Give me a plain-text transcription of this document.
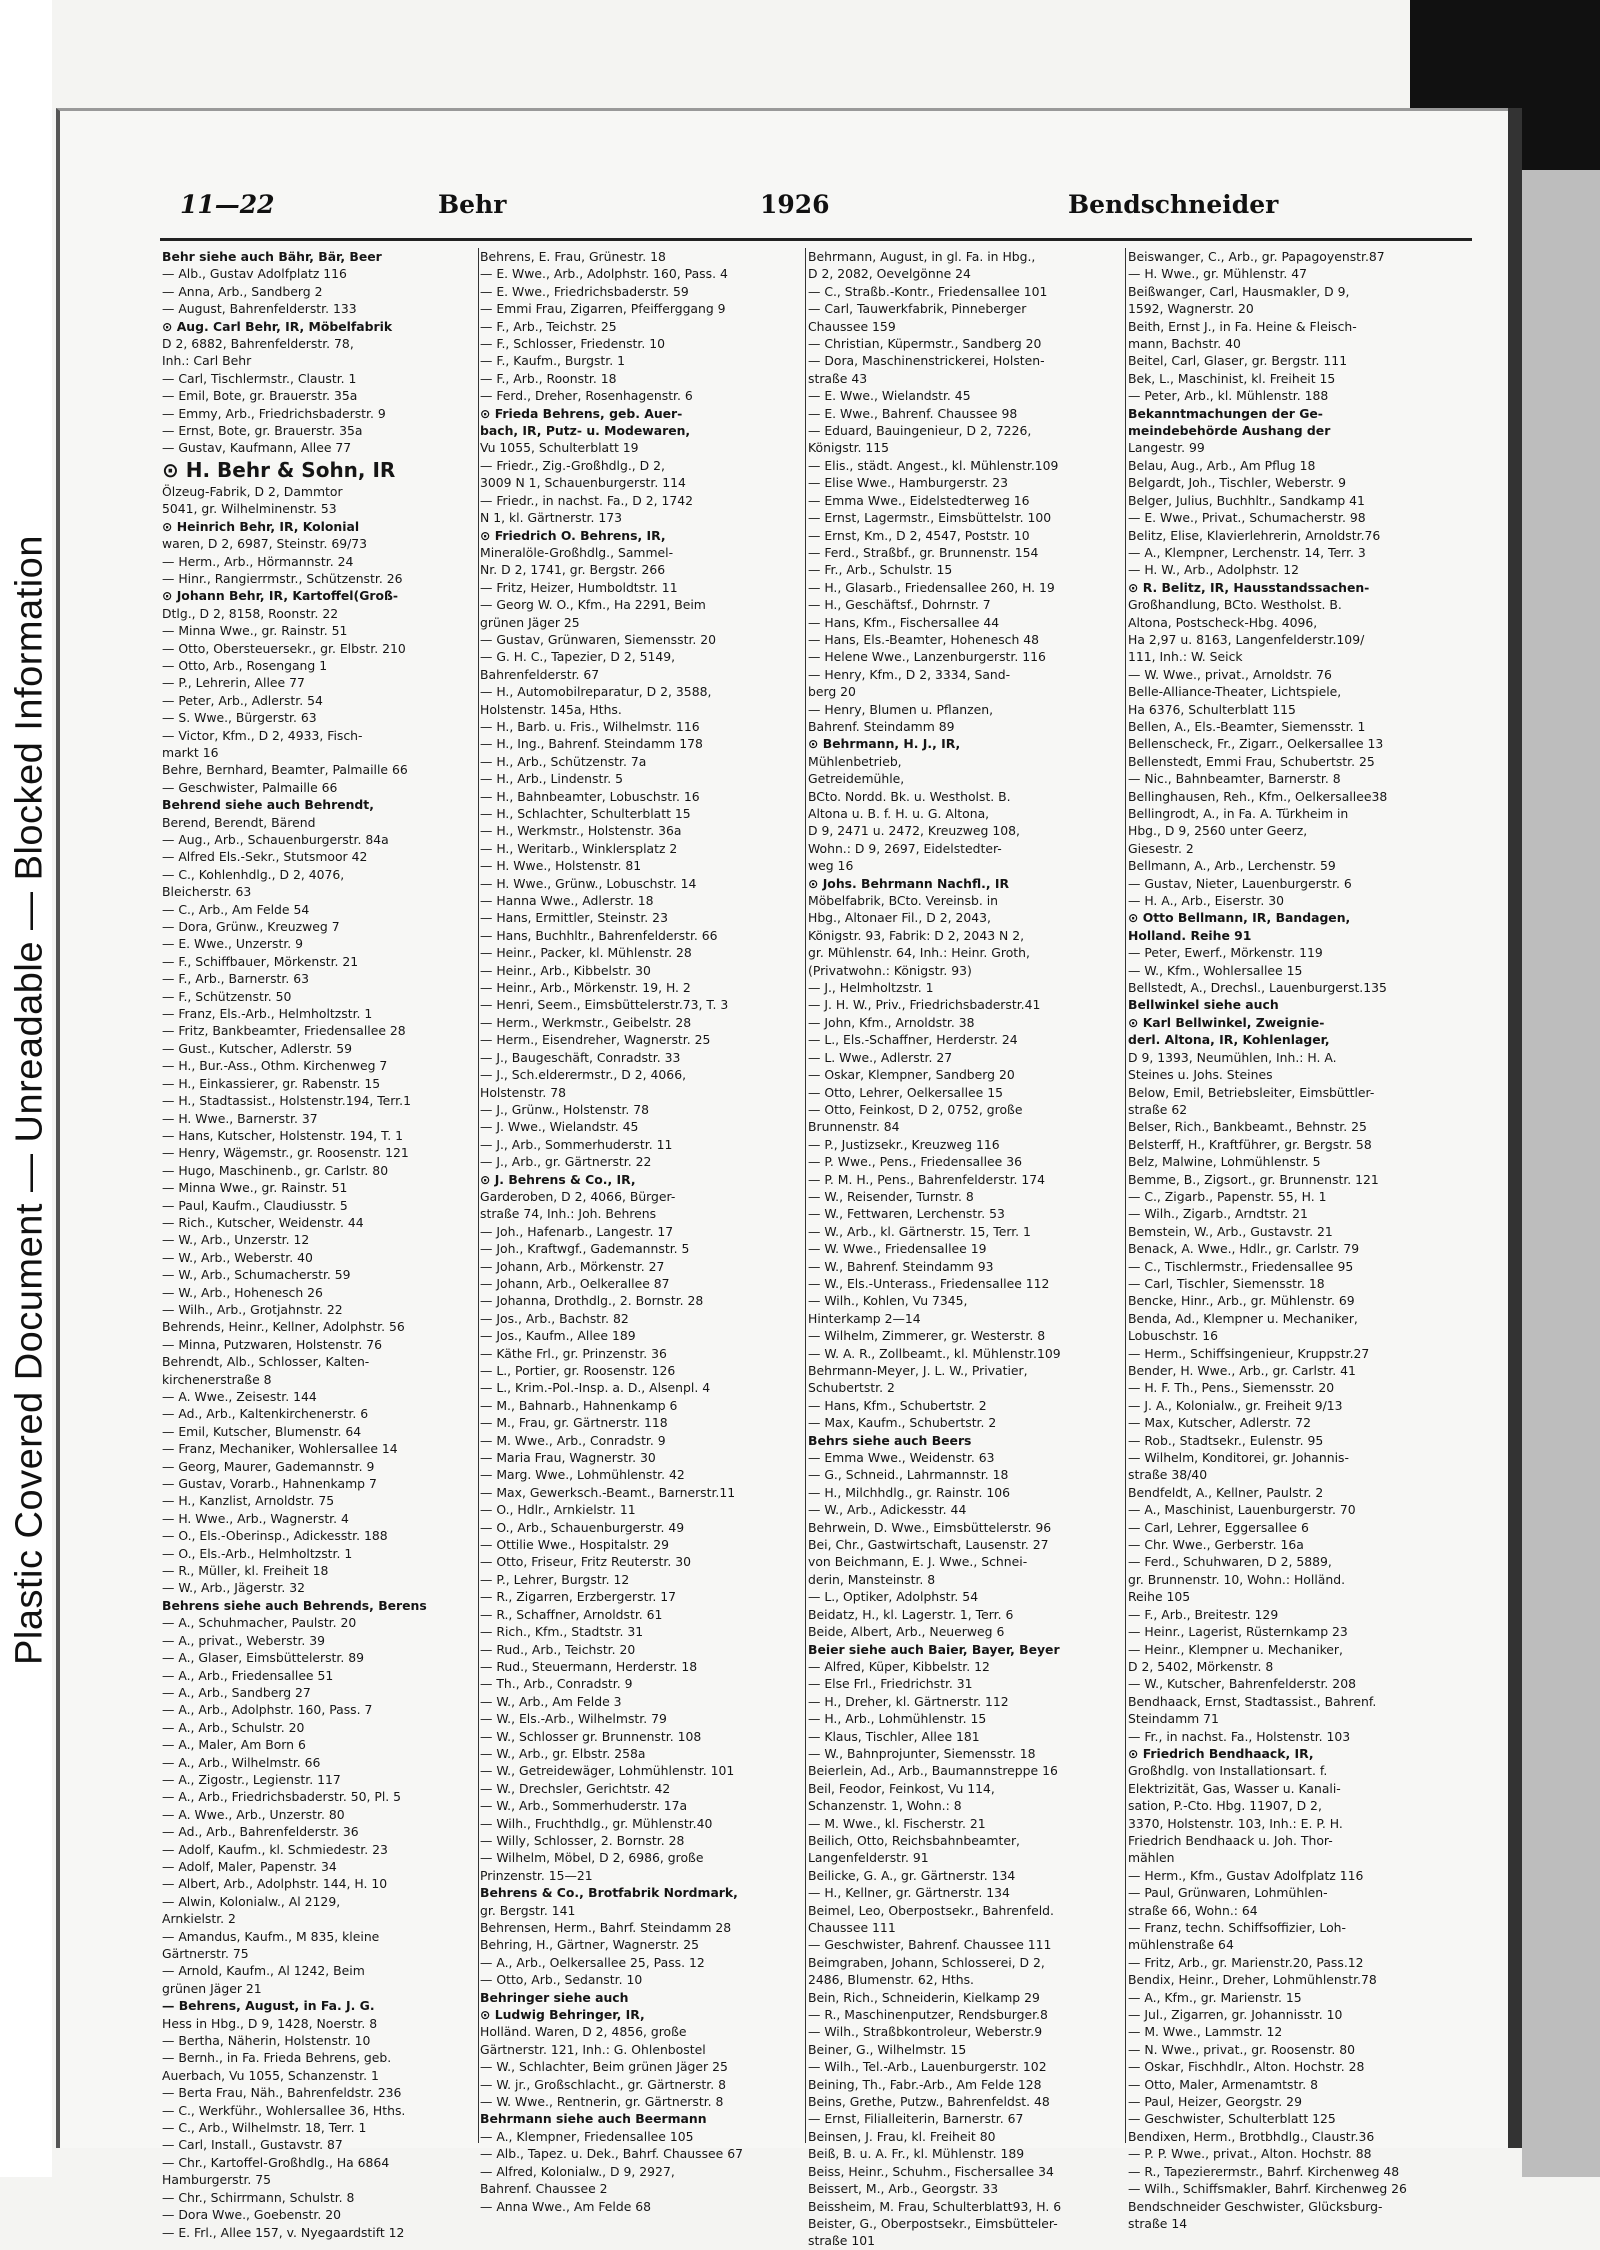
Plastic Covered Document — Unreadable — Blocked Information
11—22	Behr	1926	Bendschneider
Behr siehe auch Bähr, Bär, Beer
— Alb., Gustav Adolfplatz 116
— Anna, Arb., Sandberg 2
— August, Bahrenfelderstr. 133
⊙ Aug. Carl Behr, IR, Möbelfabrik
D 2, 6882, Bahrenfelderstr. 78,
Inh.: Carl Behr
— Carl, Tischlermstr., Claustr. 1
— Emil, Bote, gr. Brauerstr. 35a
— Emmy, Arb., Friedrichsbaderstr. 9
— Ernst, Bote, gr. Brauerstr. 35a
— Gustav, Kaufmann, Allee 77
⊙ H. Behr & Sohn, IR
Ölzeug-Fabrik, D 2, Dammtor
5041, gr. Wilhelminenstr. 53
⊙ Heinrich Behr, IR, Kolonial
waren, D 2, 6987, Steinstr. 69/73
— Herm., Arb., Hörmannstr. 24
— Hinr., Rangierrmstr., Schützenstr. 26
⊙ Johann Behr, IR, Kartoffel(Groß-
Dtlg., D 2, 8158, Roonstr. 22
— Minna Wwe., gr. Rainstr. 51
— Otto, Obersteuersekr., gr. Elbstr. 210
— Otto, Arb., Rosengang 1
— P., Lehrerin, Allee 77
— Peter, Arb., Adlerstr. 54
— S. Wwe., Bürgerstr. 63
— Victor, Kfm., D 2, 4933, Fisch-
markt 16
Behre, Bernhard, Beamter, Palmaille 66
— Geschwister, Palmaille 66
Behrend siehe auch Behrendt,
Berend, Berendt, Bärend
— Aug., Arb., Schauenburgerstr. 84a
— Alfred Els.-Sekr., Stutsmoor 42
— C., Kohlenhdlg., D 2, 4076,
Bleicherstr. 63
— C., Arb., Am Felde 54
— Dora, Grünw., Kreuzweg 7
— E. Wwe., Unzerstr. 9
— F., Schiffbauer, Mörkenstr. 21
— F., Arb., Barnerstr. 63
— F., Schützenstr. 50
— Franz, Els.-Arb., Helmholtzstr. 1
— Fritz, Bankbeamter, Friedensallee 28
— Gust., Kutscher, Adlerstr. 59
— H., Bur.-Ass., Othm. Kirchenweg 7
— H., Einkassierer, gr. Rabenstr. 15
— H., Stadtassist., Holstenstr.194, Terr.1
— H. Wwe., Barnerstr. 37
— Hans, Kutscher, Holstenstr. 194, T. 1
— Henry, Wägemstr., gr. Roosenstr. 121
— Hugo, Maschinenb., gr. Carlstr. 80
— Minna Wwe., gr. Rainstr. 51
— Paul, Kaufm., Claudiusstr. 5
— Rich., Kutscher, Weidenstr. 44
— W., Arb., Unzerstr. 12
— W., Arb., Weberstr. 40
— W., Arb., Schumacherstr. 59
— W., Arb., Hohenesch 26
— Wilh., Arb., Grotjahnstr. 22
Behrends, Heinr., Kellner, Adolphstr. 56
— Minna, Putzwaren, Holstenstr. 76
Behrendt, Alb., Schlosser, Kalten-
kirchenerstraße 8
— A. Wwe., Zeisestr. 144
— Ad., Arb., Kaltenkirchenerstr. 6
— Emil, Kutscher, Blumenstr. 64
— Franz, Mechaniker, Wohlersallee 14
— Georg, Maurer, Gademannstr. 9
— Gustav, Vorarb., Hahnenkamp 7
— H., Kanzlist, Arnoldstr. 75
— H. Wwe., Arb., Wagnerstr. 4
— O., Els.-Oberinsp., Adickesstr. 188
— O., Els.-Arb., Helmholtzstr. 1
— R., Müller, kl. Freiheit 18
— W., Arb., Jägerstr. 32
Behrens siehe auch Behrends, Berens
— A., Schuhmacher, Paulstr. 20
— A., privat., Weberstr. 39
— A., Glaser, Eimsbüttelerstr. 89
— A., Arb., Friedensallee 51
— A., Arb., Sandberg 27
— A., Arb., Adolphstr. 160, Pass. 7
— A., Arb., Schulstr. 20
— A., Maler, Am Born 6
— A., Arb., Wilhelmstr. 66
— A., Zigostr., Legienstr. 117
— A., Arb., Friedrichsbaderstr. 50, Pl. 5
— A. Wwe., Arb., Unzerstr. 80
— Ad., Arb., Bahrenfelderstr. 36
— Adolf, Kaufm., kl. Schmiedestr. 23
— Adolf, Maler, Papenstr. 34
— Albert, Arb., Adolphstr. 144, H. 10
— Alwin, Kolonialw., Al 2129,
Arnkielstr. 2
— Amandus, Kaufm., M 835, kleine
Gärtnerstr. 75
— Arnold, Kaufm., Al 1242, Beim
grünen Jäger 21
— Behrens, August, in Fa. J. G.
Hess in Hbg., D 9, 1428, Noerstr. 8
— Bertha, Näherin, Holstenstr. 10
— Bernh., in Fa. Frieda Behrens, geb.
Auerbach, Vu 1055, Schanzenstr. 1
— Berta Frau, Näh., Bahrenfeldstr. 236
— C., Werkführ., Wohlersallee 36, Hths.
— C., Arb., Wilhelmstr. 18, Terr. 1
— Carl, Install., Gustavstr. 87
— Chr., Kartoffel-Großhdlg., Ha 6864
Hamburgerstr. 75
— Chr., Schirrmann, Schulstr. 8
— Dora Wwe., Goebenstr. 20
— E. Frl., Allee 157, v. Nyegaardstift 12
Behrens, E. Frau, Grünestr. 18
— E. Wwe., Arb., Adolphstr. 160, Pass. 4
— E. Wwe., Friedrichsbaderstr. 59
— Emmi Frau, Zigarren, Pfeifferggang 9
— F., Arb., Teichstr. 25
— F., Schlosser, Friedenstr. 10
— F., Kaufm., Burgstr. 1
— F., Arb., Roonstr. 18
— Ferd., Dreher, Rosenhagenstr. 6
⊙ Frieda Behrens, geb. Auer-
bach, IR, Putz- u. Modewaren,
Vu 1055, Schulterblatt 19
— Friedr., Zig.-Großhdlg., D 2,
3009 N 1, Schauenburgerstr. 114
— Friedr., in nachst. Fa., D 2, 1742
N 1, kl. Gärtnerstr. 173
⊙ Friedrich O. Behrens, IR,
Mineralöle-Großhdlg., Sammel-
Nr. D 2, 1741, gr. Bergstr. 266
— Fritz, Heizer, Humboldtstr. 11
— Georg W. O., Kfm., Ha 2291, Beim
grünen Jäger 25
— Gustav, Grünwaren, Siemensstr. 20
— G. H. C., Tapezier, D 2, 5149,
Bahrenfelderstr. 67
— H., Automobilreparatur, D 2, 3588,
Holstenstr. 145a, Hths.
— H., Barb. u. Fris., Wilhelmstr. 116
— H., Ing., Bahrenf. Steindamm 178
— H., Arb., Schützenstr. 7a
— H., Arb., Lindenstr. 5
— H., Bahnbeamter, Lobuschstr. 16
— H., Schlachter, Schulterblatt 15
— H., Werkmstr., Holstenstr. 36a
— H., Weritarb., Winklersplatz 2
— H. Wwe., Holstenstr. 81
— H. Wwe., Grünw., Lobuschstr. 14
— Hanna Wwe., Adlerstr. 18
— Hans, Ermittler, Steinstr. 23
— Hans, Buchhltr., Bahrenfelderstr. 66
— Heinr., Packer, kl. Mühlenstr. 28
— Heinr., Arb., Kibbelstr. 30
— Heinr., Arb., Mörkenstr. 19, H. 2
— Henri, Seem., Eimsbüttelerstr.73, T. 3
— Herm., Werkmstr., Geibelstr. 28
— Herm., Eisendreher, Wagnerstr. 25
— J., Baugeschäft, Conradstr. 33
— J., Sch.elderermstr., D 2, 4066,
Holstenstr. 78
— J., Grünw., Holstenstr. 78
— J. Wwe., Wielandstr. 45
— J., Arb., Sommerhuderstr. 11
— J., Arb., gr. Gärtnerstr. 22
⊙ J. Behrens & Co., IR,
Garderoben, D 2, 4066, Bürger-
straße 74, Inh.: Joh. Behrens
— Joh., Hafenarb., Langestr. 17
— Joh., Kraftwgf., Gademannstr. 5
— Johann, Arb., Mörkenstr. 27
— Johann, Arb., Oelkerallee 87
— Johanna, Drothdlg., 2. Bornstr. 28
— Jos., Arb., Bachstr. 82
— Jos., Kaufm., Allee 189
— Käthe Frl., gr. Prinzenstr. 36
— L., Portier, gr. Roosenstr. 126
— L., Krim.-Pol.-Insp. a. D., Alsenpl. 4
— M., Bahnarb., Hahnenkamp 6
— M., Frau, gr. Gärtnerstr. 118
— M. Wwe., Arb., Conradstr. 9
— Maria Frau, Wagnerstr. 30
— Marg. Wwe., Lohmühlenstr. 42
— Max, Gewerksch.-Beamt., Barnerstr.11
— O., Hdlr., Arnkielstr. 11
— O., Arb., Schauenburgerstr. 49
— Ottilie Wwe., Hospitalstr. 29
— Otto, Friseur, Fritz Reuterstr. 30
— P., Lehrer, Burgstr. 12
— R., Zigarren, Erzbergerstr. 17
— R., Schaffner, Arnoldstr. 61
— Rich., Kfm., Stadtstr. 31
— Rud., Arb., Teichstr. 20
— Rud., Steuermann, Herderstr. 18
— Th., Arb., Conradstr. 9
— W., Arb., Am Felde 3
— W., Els.-Arb., Wilhelmstr. 79
— W., Schlosser gr. Brunnenstr. 108
— W., Arb., gr. Elbstr. 258a
— W., Getreidewäger, Lohmühlenstr. 101
— W., Drechsler, Gerichtstr. 42
— W., Arb., Sommerhuderstr. 17a
— Wilh., Fruchthdlg., gr. Mühlenstr.40
— Willy, Schlosser, 2. Bornstr. 28
— Wilhelm, Möbel, D 2, 6986, große
Prinzenstr. 15—21
Behrens & Co., Brotfabrik Nordmark,
gr. Bergstr. 141
Behrensen, Herm., Bahrf. Steindamm 28
Behring, H., Gärtner, Wagnerstr. 25
— A., Arb., Oelkersallee 25, Pass. 12
— Otto, Arb., Sedanstr. 10
Behringer siehe auch
⊙ Ludwig Behringer, IR,
Holländ. Waren, D 2, 4856, große
Gärtnerstr. 121, Inh.: G. Ohlenbostel
— W., Schlachter, Beim grünen Jäger 25
— W. jr., Großschlacht., gr. Gärtnerstr. 8
— W. Wwe., Rentnerin, gr. Gärtnerstr. 8
Behrmann siehe auch Beermann
— A., Klempner, Friedensallee 105
— Alb., Tapez. u. Dek., Bahrf. Chaussee 67
— Alfred, Kolonialw., D 9, 2927,
Bahrenf. Chaussee 2
— Anna Wwe., Am Felde 68
Behrmann, August, in gl. Fa. in Hbg.,
D 2, 2082, Oevelgönne 24
— C., Straßb.-Kontr., Friedensallee 101
— Carl, Tauwerkfabrik, Pinneberger
Chaussee 159
— Christian, Küpermstr., Sandberg 20
— Dora, Maschinenstrickerei, Holsten-
straße 43
— E. Wwe., Wielandstr. 45
— E. Wwe., Bahrenf. Chaussee 98
— Eduard, Bauingenieur, D 2, 7226,
Königstr. 115
— Elis., städt. Angest., kl. Mühlenstr.109
— Elise Wwe., Hamburgerstr. 23
— Emma Wwe., Eidelstedterweg 16
— Ernst, Lagermstr., Eimsbüttelstr. 100
— Ernst, Km., D 2, 4547, Poststr. 10
— Ferd., Straßbf., gr. Brunnenstr. 154
— Fr., Arb., Schulstr. 15
— H., Glasarb., Friedensallee 260, H. 19
— H., Geschäftsf., Dohrnstr. 7
— Hans, Kfm., Fischersallee 44
— Hans, Els.-Beamter, Hohenesch 48
— Helene Wwe., Lanzenburgerstr. 116
— Henry, Kfm., D 2, 3334, Sand-
berg 20
— Henry, Blumen u. Pflanzen,
Bahrenf. Steindamm 89
⊙ Behrmann, H. J., IR,
Mühlenbetrieb,
Getreidemühle,
BCto. Nordd. Bk. u. Westholst. B.
Altona u. B. f. H. u. G. Altona,
D 9, 2471 u. 2472, Kreuzweg 108,
Wohn.: D 9, 2697, Eidelstedter-
weg 16
⊙ Johs. Behrmann Nachfl., IR
Möbelfabrik, BCto. Vereinsb. in
Hbg., Altonaer Fil., D 2, 2043,
Königstr. 93, Fabrik: D 2, 2043 N 2,
gr. Mühlenstr. 64, Inh.: Heinr. Groth,
(Privatwohn.: Königstr. 93)
— J., Helmholtzstr. 1
— J. H. W., Priv., Friedrichsbaderstr.41
— John, Kfm., Arnoldstr. 38
— L., Els.-Schaffner, Herderstr. 24
— L. Wwe., Adlerstr. 27
— Oskar, Klempner, Sandberg 20
— Otto, Lehrer, Oelkersallee 15
— Otto, Feinkost, D 2, 0752, große
Brunnenstr. 84
— P., Justizsekr., Kreuzweg 116
— P. Wwe., Pens., Friedensallee 36
— P. M. H., Pens., Bahrenfelderstr. 174
— W., Reisender, Turnstr. 8
— W., Fettwaren, Lerchenstr. 53
— W., Arb., kl. Gärtnerstr. 15, Terr. 1
— W. Wwe., Friedensallee 19
— W., Bahrenf. Steindamm 93
— W., Els.-Unterass., Friedensallee 112
— Wilh., Kohlen, Vu 7345,
Hinterkamp 2—14
— Wilhelm, Zimmerer, gr. Westerstr. 8
— W. A. R., Zollbeamt., kl. Mühlenstr.109
Behrmann-Meyer, J. L. W., Privatier,
Schubertstr. 2
— Hans, Kfm., Schubertstr. 2
— Max, Kaufm., Schubertstr. 2
Behrs siehe auch Beers
— Emma Wwe., Weidenstr. 63
— G., Schneid., Lahrmannstr. 18
— H., Milchhdlg., gr. Rainstr. 106
— W., Arb., Adickesstr. 44
Behrwein, D. Wwe., Eimsbüttelerstr. 96
Bei, Chr., Gastwirtschaft, Lausenstr. 27
von Beichmann, E. J. Wwe., Schnei-
derin, Mansteinstr. 8
— L., Optiker, Adolphstr. 54
Beidatz, H., kl. Lagerstr. 1, Terr. 6
Beide, Albert, Arb., Neuerweg 6
Beier siehe auch Baier, Bayer, Beyer
— Alfred, Küper, Kibbelstr. 12
— Else Frl., Friedrichstr. 31
— H., Dreher, kl. Gärtnerstr. 112
— H., Arb., Lohmühlenstr. 15
— Klaus, Tischler, Allee 181
— W., Bahnprojunter, Siemensstr. 18
Beierlein, Ad., Arb., Baumannstreppe 16
Beil, Feodor, Feinkost, Vu 114,
Schanzenstr. 1, Wohn.: 8
— M. Wwe., kl. Fischerstr. 21
Beilich, Otto, Reichsbahnbeamter,
Langenfelderstr. 91
Beilicke, G. A., gr. Gärtnerstr. 134
— H., Kellner, gr. Gärtnerstr. 134
Beimel, Leo, Oberpostsekr., Bahrenfeld.
Chaussee 111
— Geschwister, Bahrenf. Chaussee 111
Beimgraben, Johann, Schlosserei, D 2,
2486, Blumenstr. 62, Hths.
Bein, Rich., Schneiderin, Kielkamp 29
— R., Maschinenputzer, Rendsburger.8
— Wilh., Straßbkontroleur, Weberstr.9
Beiner, G., Wilhelmstr. 15
— Wilh., Tel.-Arb., Lauenburgerstr. 102
Beining, Th., Fabr.-Arb., Am Felde 128
Beins, Grethe, Putzw., Bahrenfeldst. 48
— Ernst, Filialleiterin, Barnerstr. 67
Beinsen, J. Frau, kl. Freiheit 80
Beiß, B. u. A. Fr., kl. Mühlenstr. 189
Beiss, Heinr., Schuhm., Fischersallee 34
Beissert, M., Arb., Georgstr. 33
Beissheim, M. Frau, Schulterblatt93, H. 6
Beister, G., Oberpostsekr., Eimsbütteler-
straße 101
Beiswanger, C., Arb., gr. Papagoyenstr.87
— H. Wwe., gr. Mühlenstr. 47
Beißwanger, Carl, Hausmakler, D 9,
1592, Wagnerstr. 20
Beith, Ernst J., in Fa. Heine & Fleisch-
mann, Bachstr. 40
Beitel, Carl, Glaser, gr. Bergstr. 111
Bek, L., Maschinist, kl. Freiheit 15
— Peter, Arb., kl. Mühlenstr. 188
Bekanntmachungen der Ge-
meindebehörde Aushang der
Langestr. 99
Belau, Aug., Arb., Am Pflug 18
Belgardt, Joh., Tischler, Weberstr. 9
Belger, Julius, Buchhltr., Sandkamp 41
— E. Wwe., Privat., Schumacherstr. 98
Belitz, Elise, Klavierlehrerin, Arnoldstr.76
— A., Klempner, Lerchenstr. 14, Terr. 3
— H. W., Arb., Adolphstr. 12
⊙ R. Belitz, IR, Hausstandssachen-
Großhandlung, BCto. Westholst. B.
Altona, Postscheck-Hbg. 4096,
Ha 2,97 u. 8163, Langenfelderstr.109/
111, Inh.: W. Seick
— W. Wwe., privat., Arnoldstr. 76
Belle-Alliance-Theater, Lichtspiele,
Ha 6376, Schulterblatt 115
Bellen, A., Els.-Beamter, Siemensstr. 1
Bellenscheck, Fr., Zigarr., Oelkersallee 13
Bellenstedt, Emmi Frau, Schubertstr. 25
— Nic., Bahnbeamter, Barnerstr. 8
Bellinghausen, Reh., Kfm., Oelkersallee38
Bellingrodt, A., in Fa. A. Türkheim in
Hbg., D 9, 2560 unter Geerz,
Giesestr. 2
Bellmann, A., Arb., Lerchenstr. 59
— Gustav, Nieter, Lauenburgerstr. 6
— H. A., Arb., Eiserstr. 30
⊙ Otto Bellmann, IR, Bandagen,
Holland. Reihe 91
— Peter, Ewerf., Mörkenstr. 119
— W., Kfm., Wohlersallee 15
Bellstedt, A., Drechsl., Lauenburgerst.135
Bellwinkel siehe auch
⊙ Karl Bellwinkel, Zweignie-
derl. Altona, IR, Kohlenlager,
D 9, 1393, Neumühlen, Inh.: H. A.
Steines u. Johs. Steines
Below, Emil, Betriebsleiter, Eimsbüttler-
straße 62
Belser, Rich., Bankbeamt., Behnstr. 25
Belsterff, H., Kraftführer, gr. Bergstr. 58
Belz, Malwine, Lohmühlenstr. 5
Bemme, B., Zigsort., gr. Brunnenstr. 121
— C., Zigarb., Papenstr. 55, H. 1
— Wilh., Zigarb., Arndtstr. 21
Bemstein, W., Arb., Gustavstr. 21
Benack, A. Wwe., Hdlr., gr. Carlstr. 79
— C., Tischlermstr., Friedensallee 95
— Carl, Tischler, Siemensstr. 18
Bencke, Hinr., Arb., gr. Mühlenstr. 69
Benda, Ad., Klempner u. Mechaniker,
Lobuschstr. 16
— Herm., Schiffsingenieur, Kruppstr.27
Bender, H. Wwe., Arb., gr. Carlstr. 41
— H. F. Th., Pens., Siemensstr. 20
— J. A., Kolonialw., gr. Freiheit 9/13
— Max, Kutscher, Adlerstr. 72
— Rob., Stadtsekr., Eulenstr. 95
— Wilhelm, Konditorei, gr. Johannis-
straße 38/40
Bendfeldt, A., Kellner, Paulstr. 2
— A., Maschinist, Lauenburgerstr. 70
— Carl, Lehrer, Eggersallee 6
— Chr. Wwe., Gerberstr. 16a
— Ferd., Schuhwaren, D 2, 5889,
gr. Brunnenstr. 10, Wohn.: Holländ.
Reihe 105
— F., Arb., Breitestr. 129
— Heinr., Lagerist, Rüsternkamp 23
— Heinr., Klempner u. Mechaniker,
D 2, 5402, Mörkenstr. 8
— W., Kutscher, Bahrenfelderstr. 208
Bendhaack, Ernst, Stadtassist., Bahrenf.
Steindamm 71
— Fr., in nachst. Fa., Holstenstr. 103
⊙ Friedrich Bendhaack, IR,
Großhdlg. von Installationsart. f.
Elektrizität, Gas, Wasser u. Kanali-
sation, P.-Cto. Hbg. 11907, D 2,
3370, Holstenstr. 103, Inh.: E. P. H.
Friedrich Bendhaack u. Joh. Thor-
mählen
— Herm., Kfm., Gustav Adolfplatz 116
— Paul, Grünwaren, Lohmühlen-
straße 66, Wohn.: 64
— Franz, techn. Schiffsoffizier, Loh-
mühlenstraße 64
— Fritz, Arb., gr. Marienstr.20, Pass.12
Bendix, Heinr., Dreher, Lohmühlenstr.78
— A., Kfm., gr. Marienstr. 15
— Jul., Zigarren, gr. Johannisstr. 10
— M. Wwe., Lammstr. 12
— N. Wwe., privat., gr. Roosenstr. 80
— Oskar, Fischhdlr., Alton. Hochstr. 28
— Otto, Maler, Armenamtstr. 8
— Paul, Heizer, Georgstr. 29
— Geschwister, Schulterblatt 125
Bendixen, Herm., Brotbhdlg., Claustr.36
— P. P. Wwe., privat., Alton. Hochstr. 88
— R., Tapezierermstr., Bahrf. Kirchenweg 48
— Wilh., Schiffsmakler, Bahrf. Kirchenweg 26
Bendschneider Geschwister, Glücksburg-
straße 14
